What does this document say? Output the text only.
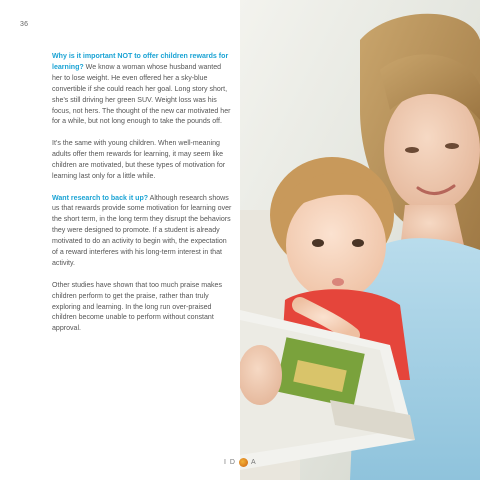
36

Why is it important NOT to offer children rewards for learning? We know a woman whose husband wanted her to lose weight. He even offered her a sky-blue convertible if she could reach her goal. Long story short, she’s still driving her green SUV. Weight loss was his focus, not hers. The thought of the new car motivated her for a while, but not long enough to take the pounds off.

It’s the same with young children. When well-meaning adults offer them rewards for learning, it may seem like children are motivated, but these types of motivation for learning last only for a little while.

Want research to back it up? Although research shows us that rewards provide some motivation for learning over the short term, in the long term they disrupt the behaviors they were designed to promote. If a student is already motivated to do an activity to begin with, the expectation of a reward interferes with his long-term interest in that activity.

Other studies have shown that too much praise makes children perform to get the praise, rather than truly exploring and learning. In the long run over-praised children become unable to perform without constant approval.

I D A
